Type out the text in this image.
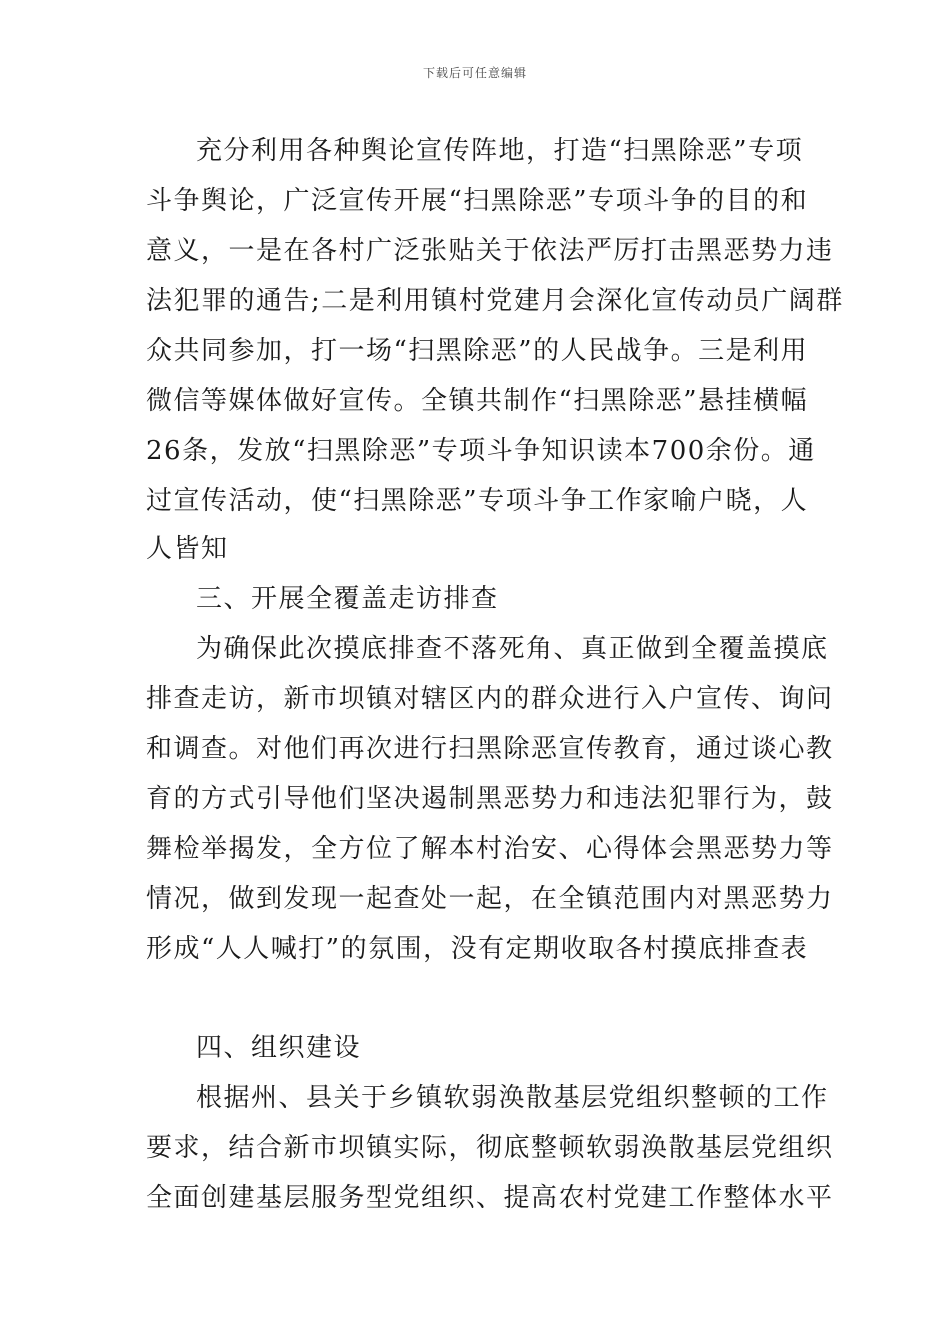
下载后可任意编辑
充分利用各种舆论宣传阵地，打造“扫黑除恶”专项
斗争舆论，广泛宣传开展“扫黑除恶”专项斗争的目的和
意义，一是在各村广泛张贴关于依法严厉打击黑恶势力违
法犯罪的通告;二是利用镇村党建月会深化宣传动员广阔群
众共同参加，打一场“扫黑除恶”的人民战争。三是利用
微信等媒体做好宣传。全镇共制作“扫黑除恶”悬挂横幅
26条，发放“扫黑除恶”专项斗争知识读本700余份。通
过宣传活动，使“扫黑除恶”专项斗争工作家喻户晓，人
人皆知
三、开展全覆盖走访排查
为确保此次摸底排查不落死角、真正做到全覆盖摸底
排查走访，新市坝镇对辖区内的群众进行入户宣传、询问
和调查。对他们再次进行扫黑除恶宣传教育，通过谈心教
育的方式引导他们坚决遏制黑恶势力和违法犯罪行为，鼓
舞检举揭发，全方位了解本村治安、心得体会黑恶势力等
情况，做到发现一起查处一起，在全镇范围内对黑恶势力
形成“人人喊打”的氛围，没有定期收取各村摸底排查表
四、组织建设
根据州、县关于乡镇软弱涣散基层党组织整顿的工作
要求，结合新市坝镇实际，彻底整顿软弱涣散基层党组织
全面创建基层服务型党组织、提高农村党建工作整体水平
